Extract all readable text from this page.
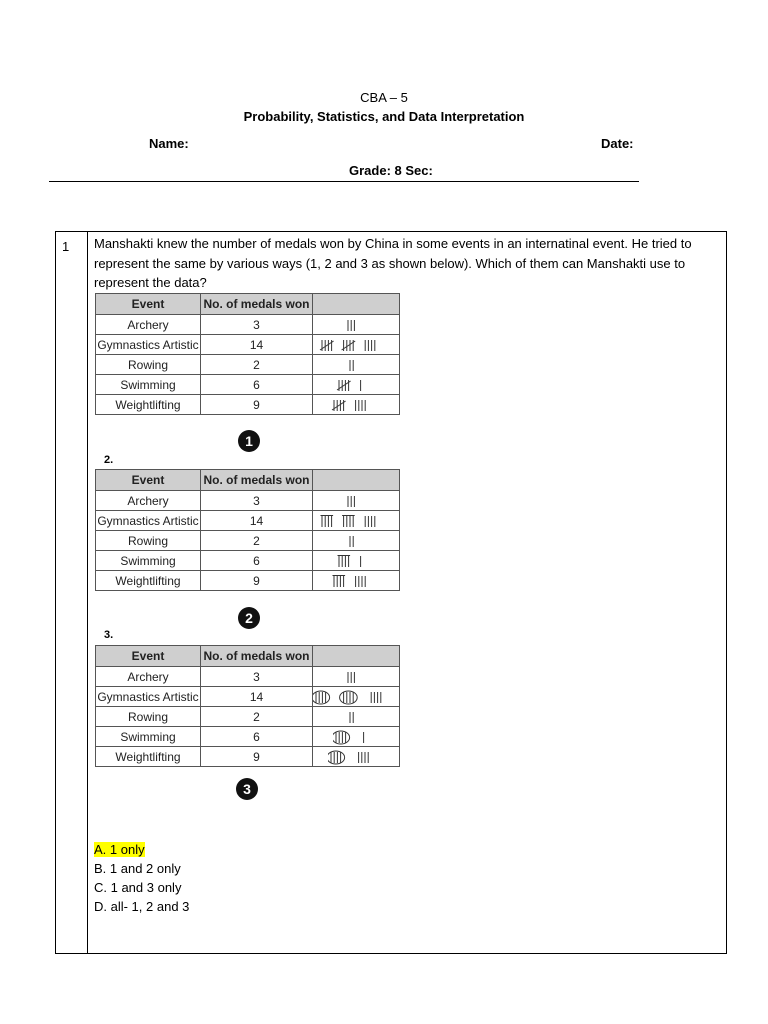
CBA – 5
Probability, Statistics, and Data Interpretation
Name:	Date:
Grade: 8 Sec:
1 Manshakti knew the number of medals won by China in some events in an internatinal event. He tried to represent the same by various ways (1, 2 and 3 as shown below). Which of them can Manshakti use to represent the data?
Event	No. of medals won	
Archery	3	

Gymnastics Artistic	14	

Rowing	2	

Swimming	6	

Weightlifting	9	
1
2.
Event	No. of medals won	
Archery	3	

Gymnastics Artistic	14	

Rowing	2	

Swimming	6	

Weightlifting	9	
2
3.
Event	No. of medals won	
Archery	3	

Gymnastics Artistic	14	

Rowing	2	

Swimming	6	

Weightlifting	9	
3
A. 1 only
B. 1 and 2 only
C. 1 and 3 only
D. all- 1, 2 and 3
